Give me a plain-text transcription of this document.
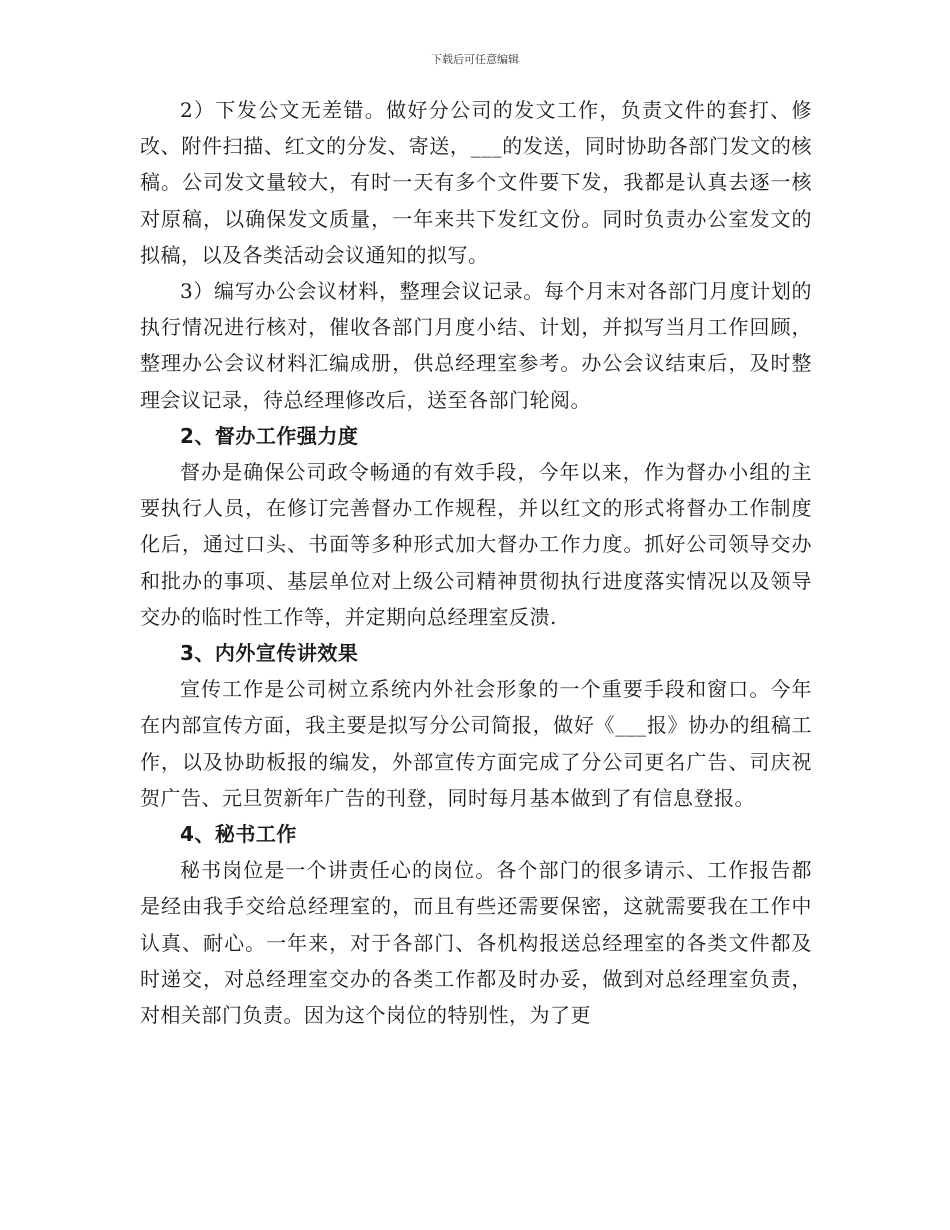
下载后可任意编辑

2）下发公文无差错。做好分公司的发文工作，负责文件的套打、修改、附件扫描、红文的分发、寄送，___的发送，同时协助各部门发文的核稿。公司发文量较大，有时一天有多个文件要下发，我都是认真去逐一核对原稿，以确保发文质量，一年来共下发红文份。同时负责办公室发文的拟稿，以及各类活动会议通知的拟写。

3）编写办公会议材料，整理会议记录。每个月末对各部门月度计划的执行情况进行核对，催收各部门月度小结、计划，并拟写当月工作回顾，整理办公会议材料汇编成册，供总经理室参考。办公会议结束后，及时整理会议记录，待总经理修改后，送至各部门轮阅。

2、督办工作强力度

督办是确保公司政令畅通的有效手段，今年以来，作为督办小组的主要执行人员，在修订完善督办工作规程，并以红文的形式将督办工作制度化后，通过口头、书面等多种形式加大督办工作力度。抓好公司领导交办和批办的事项、基层单位对上级公司精神贯彻执行进度落实情况以及领导交办的临时性工作等，并定期向总经理室反溃.

3、内外宣传讲效果

宣传工作是公司树立系统内外社会形象的一个重要手段和窗口。今年在内部宣传方面，我主要是拟写分公司简报，做好《___报》协办的组稿工作，以及协助板报的编发，外部宣传方面完成了分公司更名广告、司庆祝贺广告、元旦贺新年广告的刊登，同时每月基本做到了有信息登报。

4、秘书工作

秘书岗位是一个讲责任心的岗位。各个部门的很多请示、工作报告都是经由我手交给总经理室的，而且有些还需要保密，这就需要我在工作中认真、耐心。一年来，对于各部门、各机构报送总经理室的各类文件都及时递交，对总经理室交办的各类工作都及时办妥，做到对总经理室负责，对相关部门负责。因为这个岗位的特别性，为了更
